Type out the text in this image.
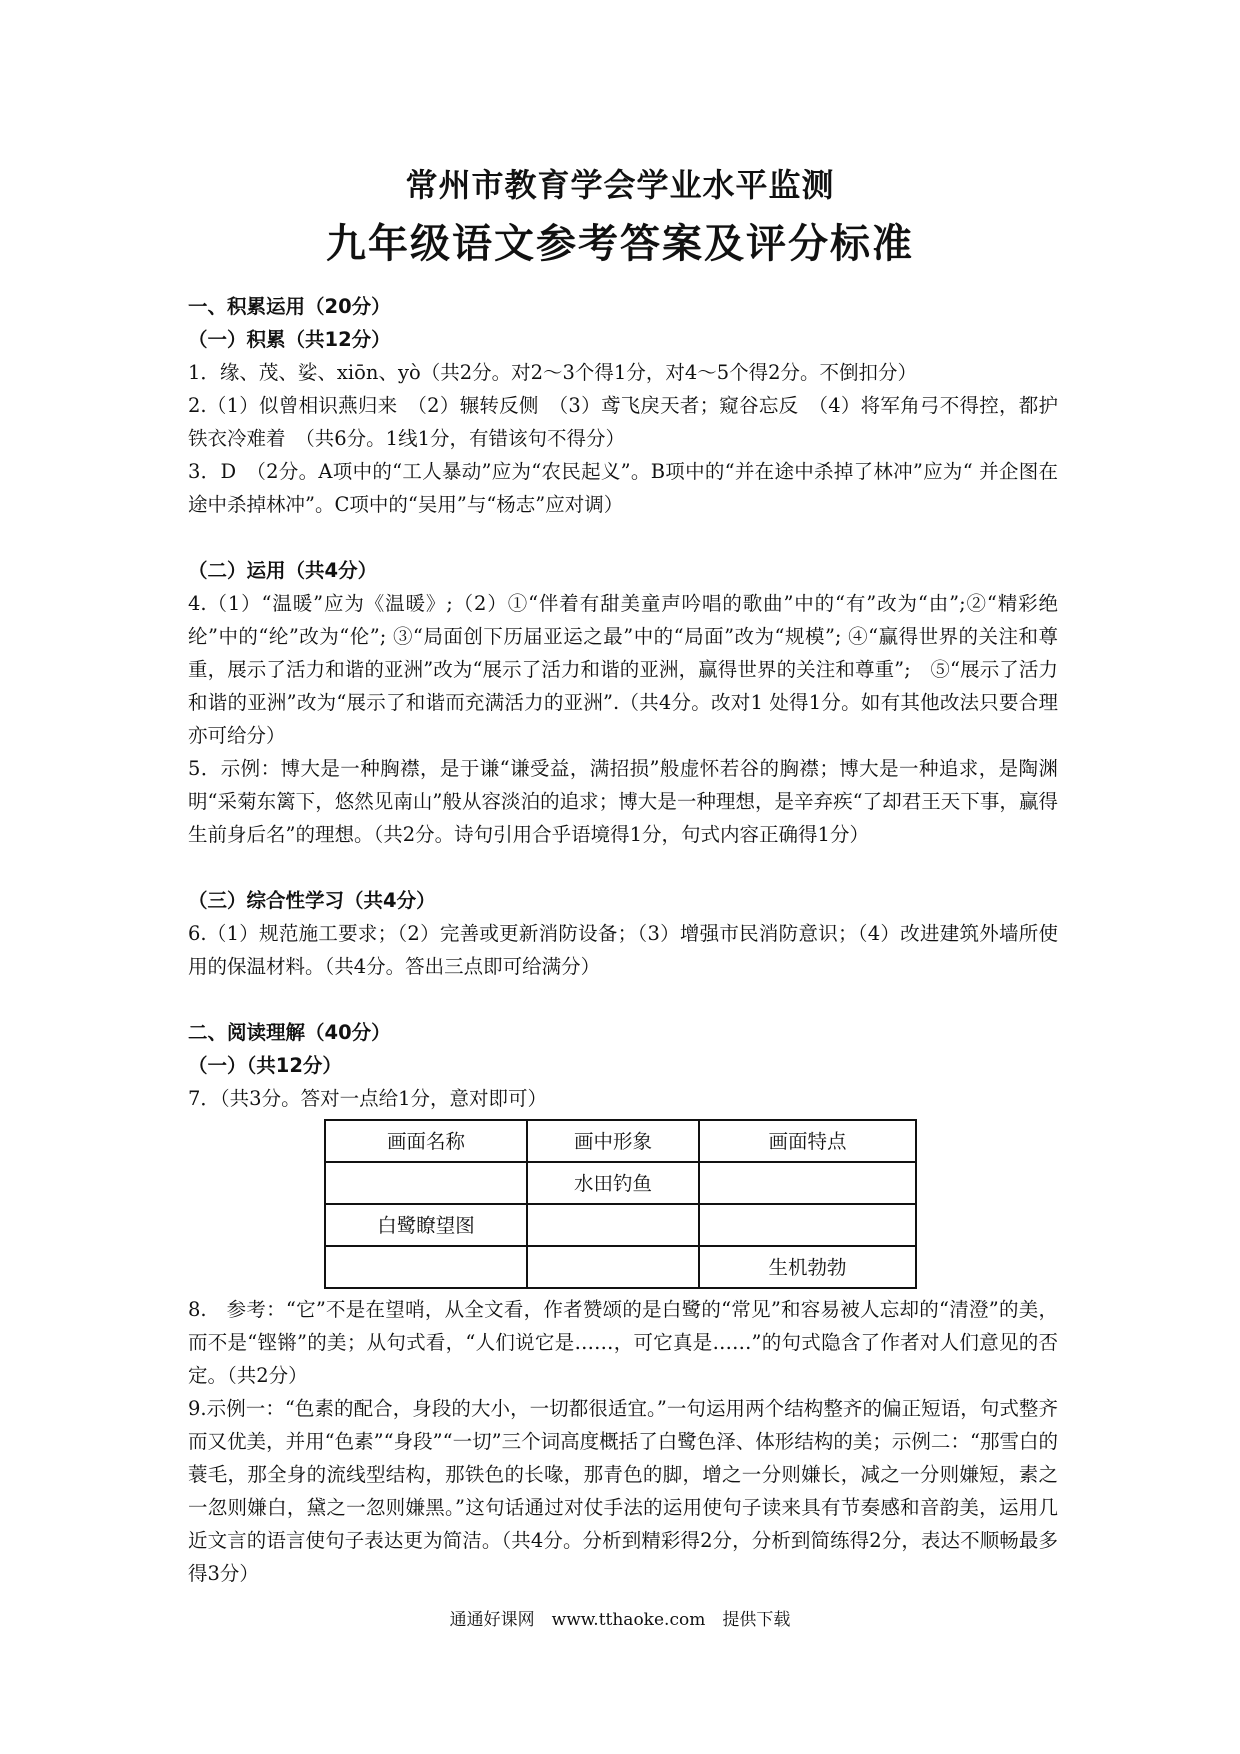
常州市教育学会学业水平监测
九年级语文参考答案及评分标准
一、积累运用（20分）
（一）积累（共12分）

1．缘、茂、娑、xiōn、yò（共2分。对2～3个得1分，对4～5个得2分。不倒扣分）

2.（1）似曾相识燕归来　（2）辗转反侧　（3）鸢飞戾天者；窥谷忘反　（4）将军角弓不得控，都护铁衣冷难着　（共6分。1线1分，有错该句不得分）

3．D　（2分。A项中的“工人暴动”应为“农民起义”。B项中的“并在途中杀掉了林冲”应为“ 并企图在途中杀掉林冲”。C项中的“吴用”与“杨志”应对调）

（二）运用（共4分）

4.（1）“温暖”应为《温暖》;（2）①“伴着有甜美童声吟唱的歌曲”中的“有”改为“由”;②“精彩绝纶”中的“纶”改为“伦”; ③“局面创下历届亚运之最”中的“局面”改为“规模”; ④“赢得世界的关注和尊重，展示了活力和谐的亚洲”改为“展示了活力和谐的亚洲，赢得世界的关注和尊重”;　⑤“展示了活力和谐的亚洲”改为“展示了和谐而充满活力的亚洲”.（共4分。改对1 处得1分。如有其他改法只要合理亦可给分）

5．示例：博大是一种胸襟，是于谦“谦受益，满招损”般虚怀若谷的胸襟；博大是一种追求，是陶渊明“采菊东篱下，悠然见南山”般从容淡泊的追求；博大是一种理想，是辛弃疾“了却君王天下事，赢得生前身后名”的理想。（共2分。诗句引用合乎语境得1分，句式内容正确得1分）

（三）综合性学习（共4分）

6.（1）规范施工要求；（2）完善或更新消防设备；（3）增强市民消防意识；（4）改进建筑外墙所使用的保温材料。（共4分。答出三点即可给满分）

二、阅读理解（40分）
（一）（共12分）

7．（共3分。答对一点给1分，意对即可）

画面名称	画中形象	画面特点
	水田钓鱼	
白鹭瞭望图		
		生机勃勃

8.　参考：“它”不是在望哨，从全文看，作者赞颂的是白鹭的“常见”和容易被人忘却的“清澄”的美，而不是“铿锵”的美；从句式看，“人们说它是……，可它真是……”的句式隐含了作者对人们意见的否定。（共2分）

9.示例一：“色素的配合，身段的大小，一切都很适宜。”一句运用两个结构整齐的偏正短语，句式整齐而又优美，并用“色素”“身段”“一切”三个词高度概括了白鹭色泽、体形结构的美；示例二：“那雪白的蓑毛，那全身的流线型结构，那铁色的长喙，那青色的脚，增之一分则嫌长，减之一分则嫌短，素之一忽则嫌白，黛之一忽则嫌黑。”这句话通过对仗手法的运用使句子读来具有节奏感和音韵美，运用几近文言的语言使句子表达更为简洁。（共4分。分析到精彩得2分，分析到简练得2分，表达不顺畅最多得3分）

通通好课网　www.tthaoke.com　提供下载
